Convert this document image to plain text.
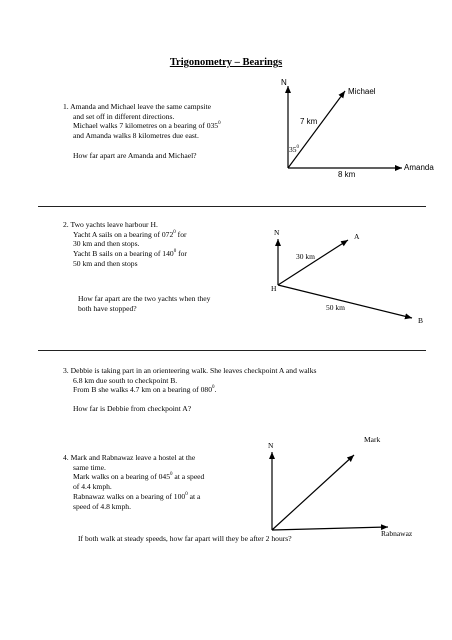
Trigonometry – Bearings
1. Amanda and Michael leave the same campsite
and set off in different directions.
Michael walks 7 kilometres on a bearing of $035^0$
and Amanda walks 8 kilometres due east.
How far apart are Amanda and Michael?
N
Michael
7 km
$35^0$
8 km
Amanda
2. Two yachts leave harbour H.
Yacht A sails on a bearing of $072^0$ for
30 km and then stops.
Yacht B sails on a bearing of $140^0$ for
50 km and then stops
How far apart are the two yachts when they
both have stopped?
N	A
30 km
H
50 km
B
3. Debbie is taking part in an orienteering walk. She leaves checkpoint A and walks
6.8 km due south to checkpoint B.
From B she walks 4.7 km on a bearing of $080^0$.
How far is Debbie from checkpoint A?
4. Mark and Rabnawaz leave a hostel at the
same time.
Mark walks on a bearing of $045^0$ at a speed
of 4.4 kmph.
Rabnawaz walks on a bearing of $100^0$ at a
speed of 4.8 kmph.
If both walk at steady speeds, how far apart will they be after 2 hours?
N
Mark
Rabnawaz
